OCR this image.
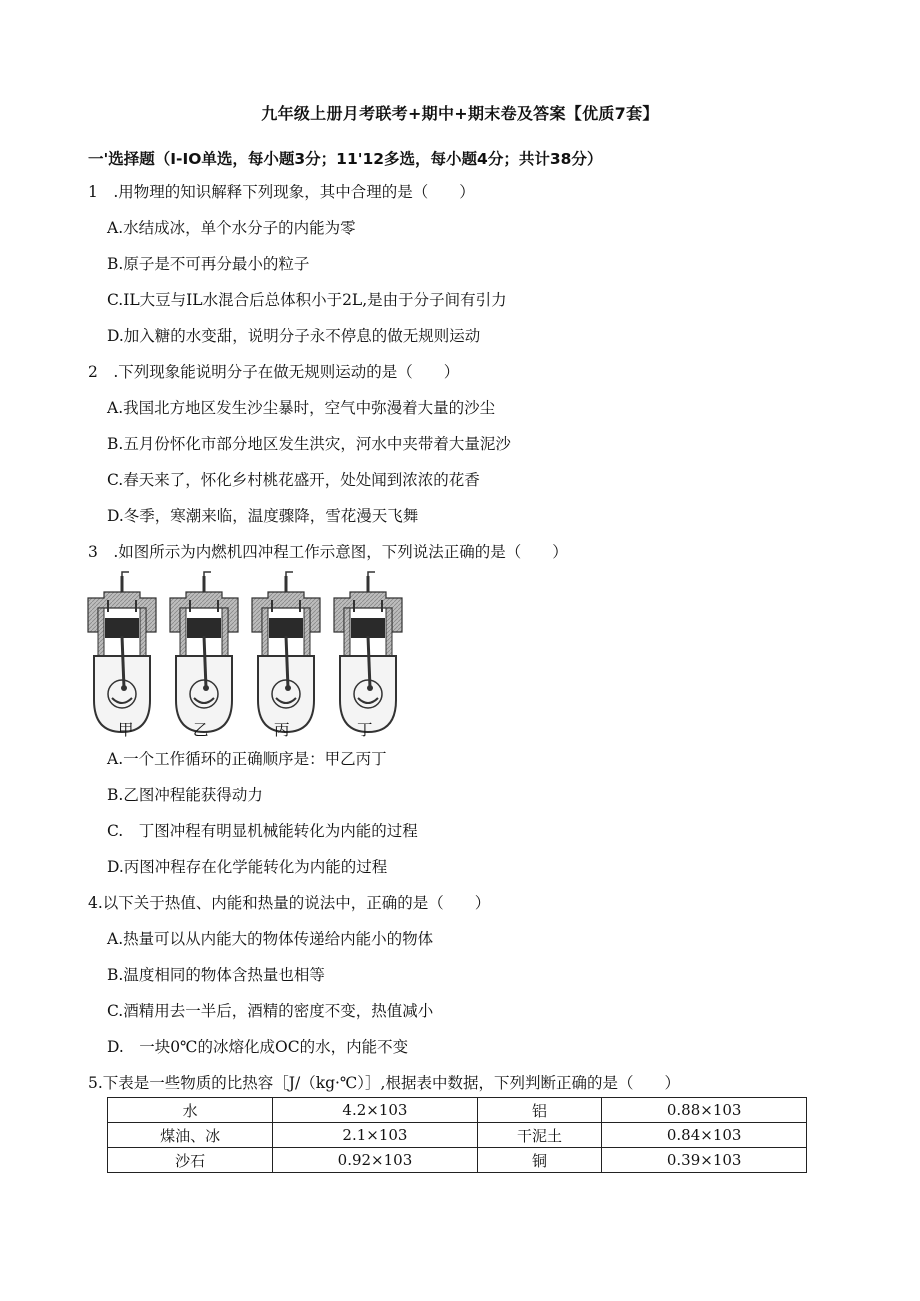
九年级上册月考联考+期中+期末卷及答案【优质7套】
一'选择题（I-IO单选，每小题3分；11'12多选，每小题4分；共计38分）
1　.用物理的知识解释下列现象，其中合理的是（　　）
A.水结成冰，单个水分子的内能为零
B.原子是不可再分最小的粒子
C.IL大豆与IL水混合后总体积小于2L,是由于分子间有引力
D.加入糖的水变甜，说明分子永不停息的做无规则运动
2　.下列现象能说明分子在做无规则运动的是（　　）
A.我国北方地区发生沙尘暴时，空气中弥漫着大量的沙尘
B.五月份怀化市部分地区发生洪灾，河水中夹带着大量泥沙
C.春天来了，怀化乡村桃花盛开，处处闻到浓浓的花香
D.冬季，寒潮来临，温度骤降，雪花漫天飞舞
3　.如图所示为内燃机四冲程工作示意图，下列说法正确的是（　　）
甲	乙	丙	丁
A.一个工作循环的正确顺序是：甲乙丙丁
B.乙图冲程能获得动力
C.　丁图冲程有明显机械能转化为内能的过程
D.丙图冲程存在化学能转化为内能的过程
4.以下关于热值、内能和热量的说法中，正确的是（　　）
A.热量可以从内能大的物体传递给内能小的物体
B.温度相同的物体含热量也相等
C.酒精用去一半后，酒精的密度不变，热值减小
D.　一块0℃的冰熔化成OC的水，内能不变
5.下表是一些物质的比热容［J/（kg·℃）］,根据表中数据，下列判断正确的是（　　）
水	4.2×103	铝	0.88×103
煤油、冰	2.1×103	干泥土	0.84×103
沙石	0.92×103	铜	0.39×103
